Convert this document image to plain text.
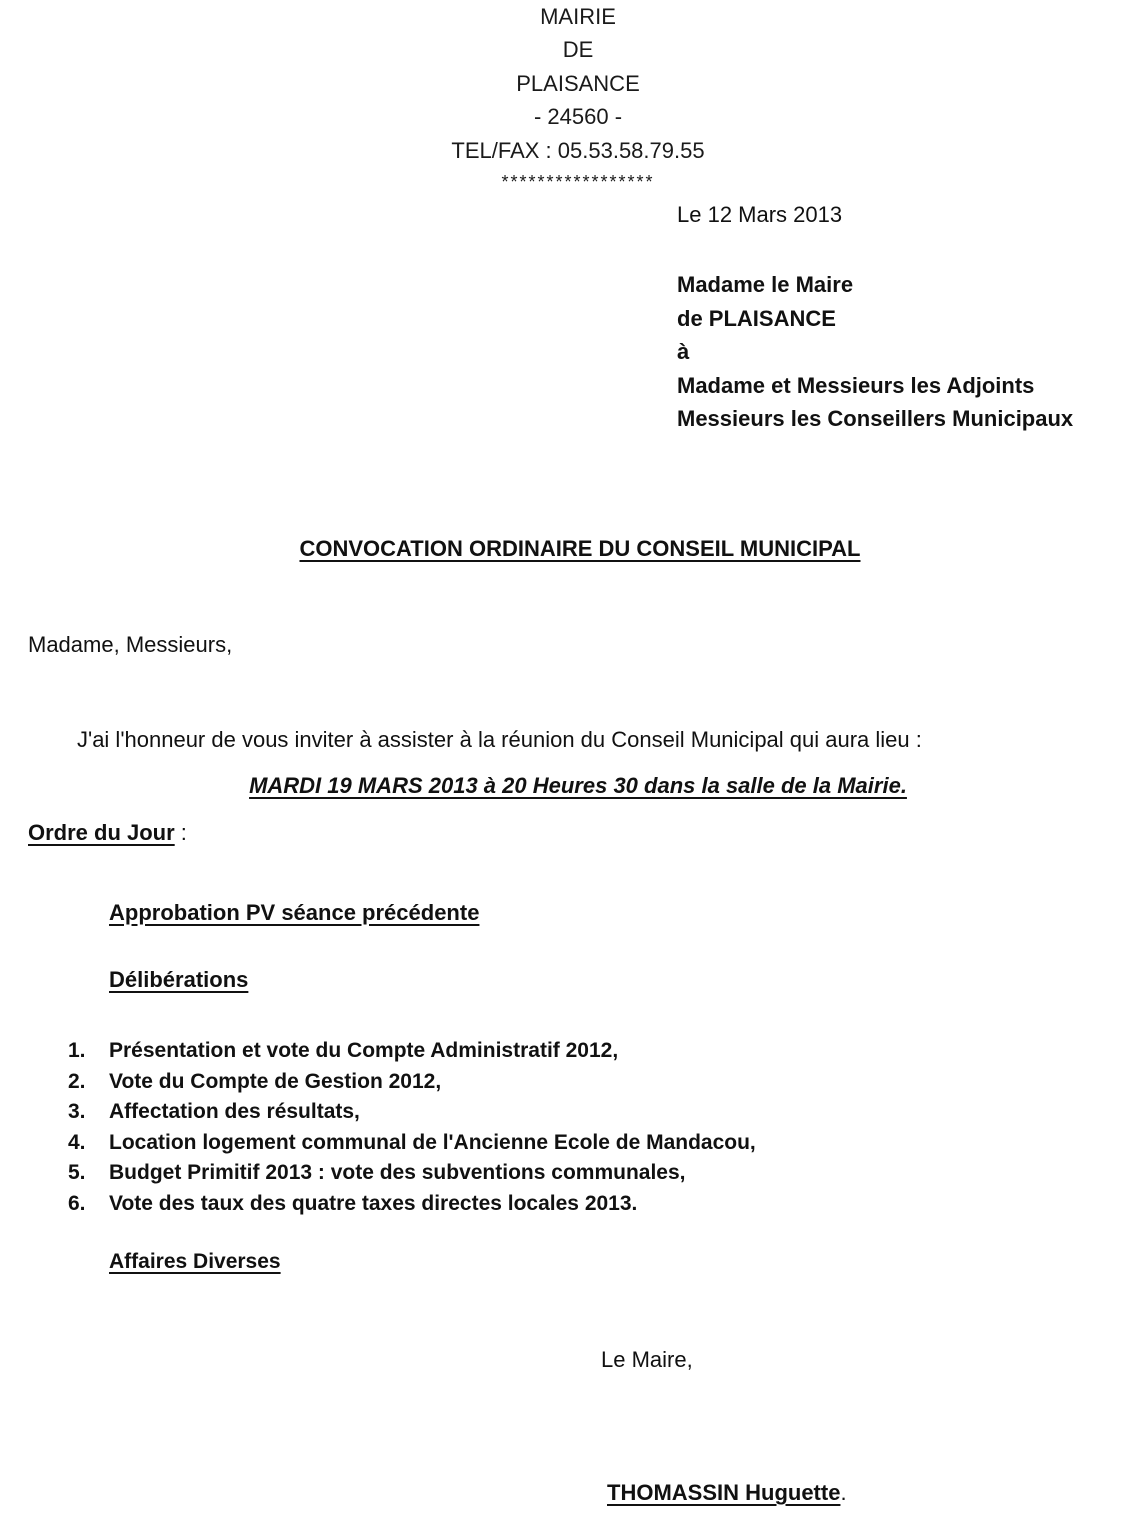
MAIRIE
DE
PLAISANCE
- 24560 -
TEL/FAX : 05.53.58.79.55
*****************
Le 12 Mars 2013
Madame le Maire
de PLAISANCE
à
Madame et Messieurs les Adjoints
Messieurs les Conseillers Municipaux
CONVOCATION ORDINAIRE DU CONSEIL MUNICIPAL
Madame, Messieurs,
J'ai l'honneur de vous inviter à assister à la réunion du Conseil Municipal qui aura lieu :
MARDI 19 MARS 2013 à 20 Heures 30 dans la salle de la Mairie.
Ordre du Jour :
Approbation PV séance précédente
Délibérations
1. Présentation et vote du Compte Administratif 2012,
2. Vote du Compte de Gestion 2012,
3. Affectation des résultats,
4. Location logement communal de l'Ancienne Ecole de Mandacou,
5. Budget Primitif 2013 : vote des subventions communales,
6. Vote des taux des quatre taxes directes locales 2013.
Affaires Diverses
Le Maire,
THOMASSIN Huguette.
